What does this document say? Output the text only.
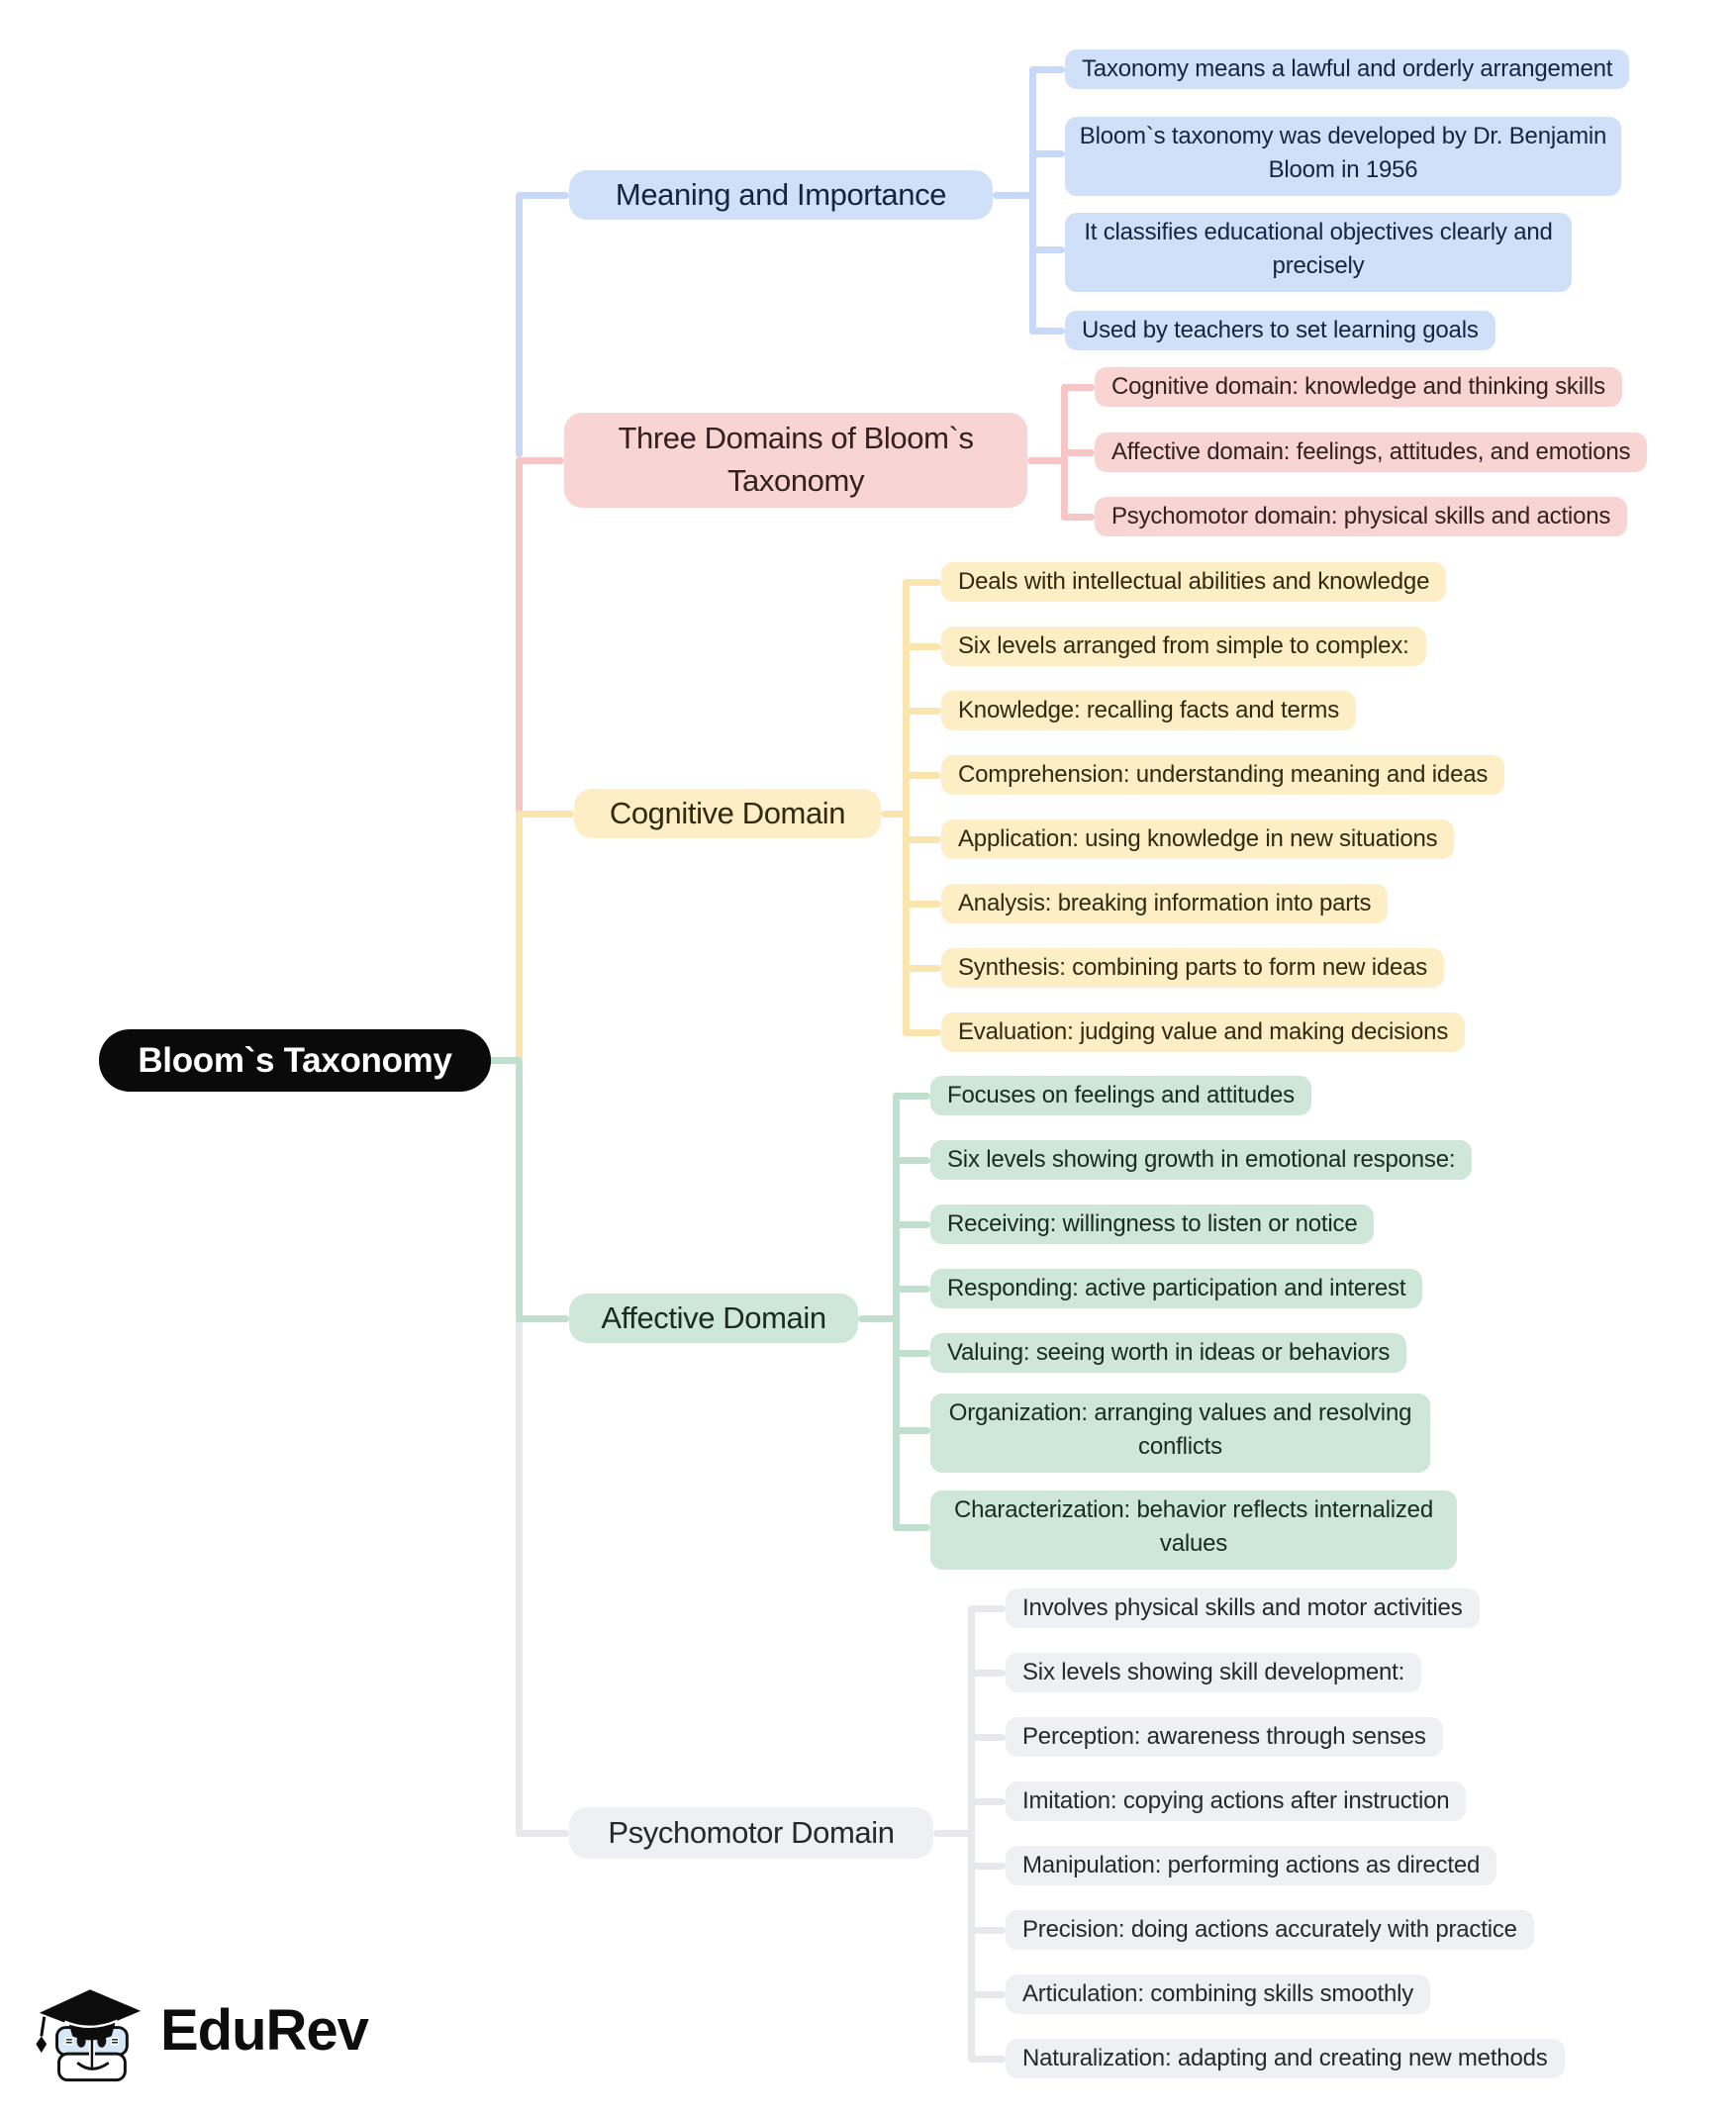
Meaning and Importance
Taxonomy means a lawful and orderly arrangement
Bloom`s taxonomy was developed by Dr. Benjamin Bloom in 1956
It classifies educational objectives clearly and precisely
Used by teachers to set learning goals
Three Domains of Bloom`s Taxonomy
Cognitive domain: knowledge and thinking skills
Affective domain: feelings, attitudes, and emotions
Psychomotor domain: physical skills and actions
Cognitive Domain
Deals with intellectual abilities and knowledge
Six levels arranged from simple to complex:
Knowledge: recalling facts and terms
Comprehension: understanding meaning and ideas
Application: using knowledge in new situations
Analysis: breaking information into parts
Synthesis: combining parts to form new ideas
Evaluation: judging value and making decisions
Affective Domain
Focuses on feelings and attitudes
Six levels showing growth in emotional response:
Receiving: willingness to listen or notice
Responding: active participation and interest
Valuing: seeing worth in ideas or behaviors
Organization: arranging values and resolving conflicts
Characterization: behavior reflects internalized values
Psychomotor Domain
Involves physical skills and motor activities
Six levels showing skill development:
Perception: awareness through senses
Imitation: copying actions after instruction
Manipulation: performing actions as directed
Precision: doing actions accurately with practice
Articulation: combining skills smoothly
Naturalization: adapting and creating new methods
Bloom`s Taxonomy
EduRev
